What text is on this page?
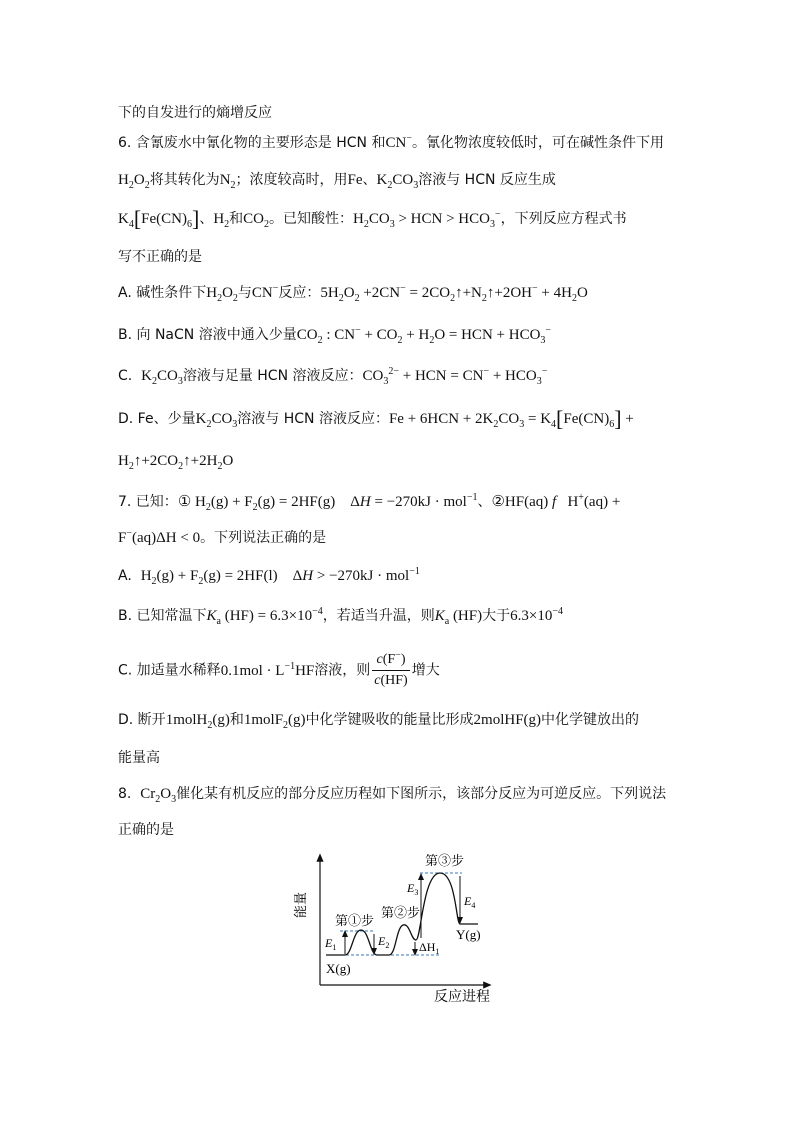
下的自发进行的熵增反应
6. 含氰废水中氰化物的主要形态是 HCN 和CN−。氰化物浓度较低时，可在碱性条件下用
$H_2O_2$将其转化为$N_2$；浓度较高时，用Fe、$K_2CO_3$溶液与 HCN 反应生成
$K_4[Fe(CN)_6]$、$H_2$和$CO_2$。已知酸性：$H_2CO_3$ > HCN > $HCO_3^-$，下列反应方程式书
写不正确的是
A. 碱性条件下$H_2O_2$与CN−反应：$5H_2O_2 +2CN^-$ = $2CO_2↑+N_2↑+2OH^- + 4H_2O$
B. 向 NaCN 溶液中通入少量$CO_2$ : $CN^- + CO_2 + H_2O$ = HCN + $HCO_3^-$
C. $K_2CO_3$溶液与足量 HCN 溶液反应：$CO_3^{2-}$ + HCN = $CN^- + HCO_3^-$
D. Fe、少量$K_2CO_3$溶液与 HCN 溶液反应：$Fe + 6HCN + 2K_2CO_3 = K_4[Fe(CN)_6]$ +
$H_2↑+2CO_2↑+2H_2O$
7. 已知：① $H_2(g) + F_2(g) = 2HF(g)$    ΔH = −270kJ · mol$^{-1}$、②HF(aq) f   H+(aq) +
F−(aq)ΔH < 0。下列说法正确的是
A. $H_2(g) + F_2(g) = 2HF(l)$    ΔH > −270kJ · mol$^{-1}$
B. 已知常温下$K_a$ $(HF) = 6.3\times 10^{-4}$，若适当升温，则$K_a$ (HF)大于$6.3\times 10^{-4}$
C. 加适量水稀释$0.1mol \cdot L^{-1}HF$溶液，则 $\frac{c(F^-)}{c(HF)}$ 增大
D. 断开1molH$_2$(g)和1molF$_2$(g)中化学键吸收的能量比形成2molHF(g)中化学键放出的
能量高
8. $Cr_2O_3$催化某有机反应的部分反应历程如下图所示，该部分反应为可逆反应。下列说法
正确的是
能量
反应进程
第①步
第②步
第③步
X(g)
Y(g)
$E_1$	$E_2$
$E_3$
$E_4$
$\Delta H_1$
